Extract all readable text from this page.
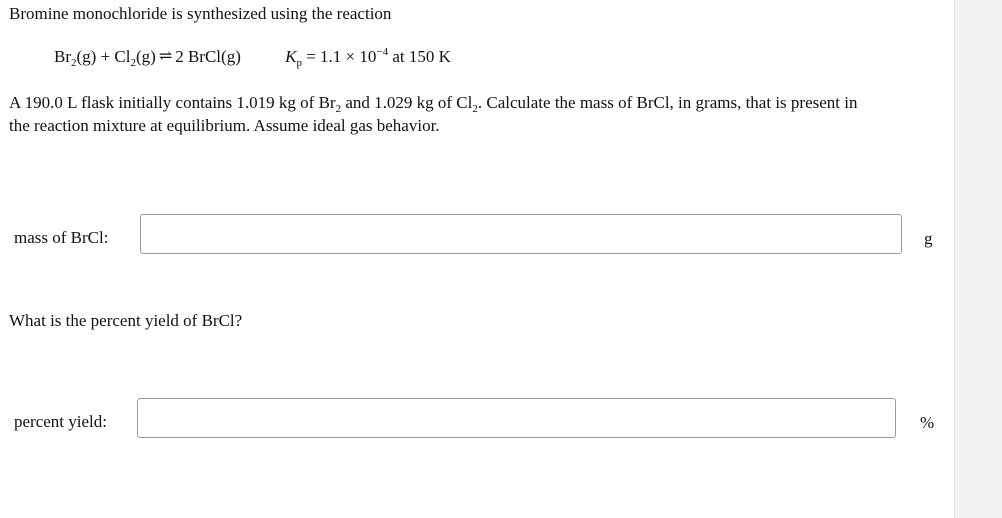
Bromine monochloride is synthesized using the reaction
$Br_2(g) + Cl_2(g)$ ⇌ 2 BrCl(g)	$K_p = 1.1 \times 10^{-4}$ at 150 K
A 190.0 L flask initially contains 1.019 kg of $Br_2$ and 1.029 kg of $Cl_2$. Calculate the mass of BrCl, in grams, that is present in
the reaction mixture at equilibrium. Assume ideal gas behavior.
mass of BrCl:	g
What is the percent yield of BrCl?
percent yield:	%
